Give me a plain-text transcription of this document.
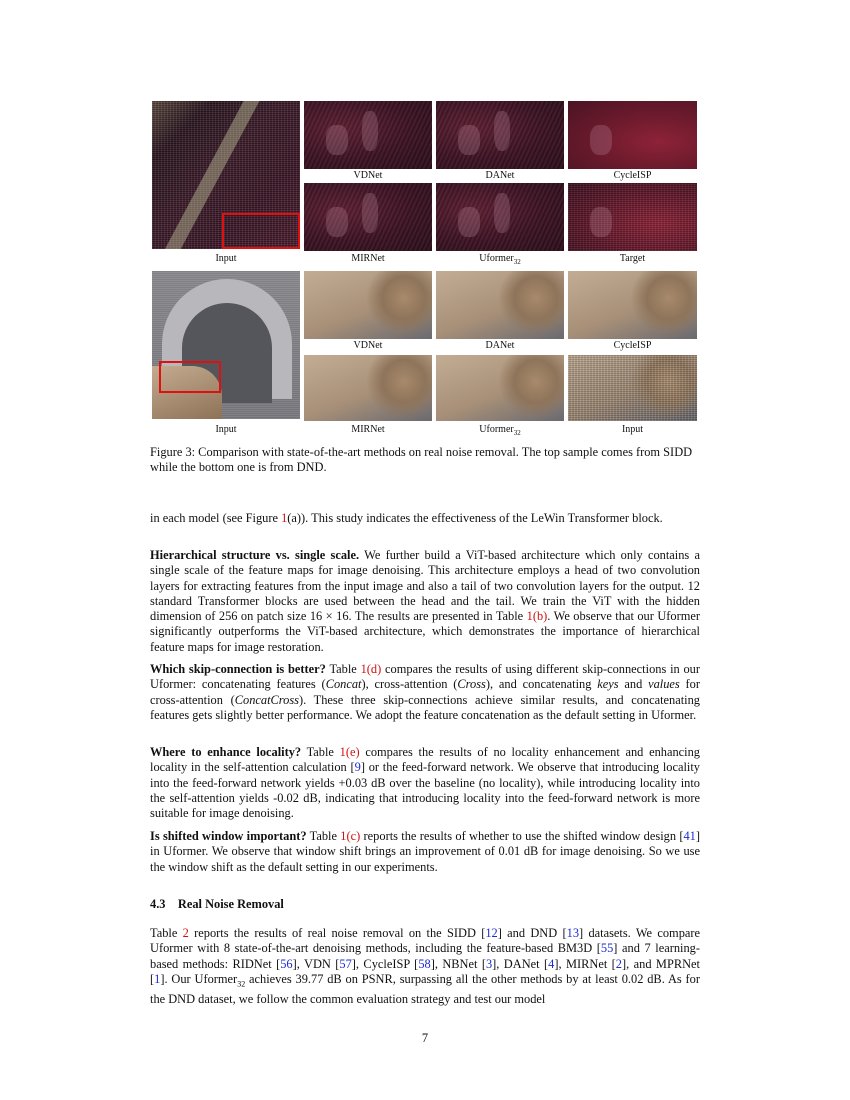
Input
VDNet	DANet	CycleISP
MIRNet	Uformer$_{32}$	Target
Input
VDNet	DANet	CycleISP
MIRNet	Uformer$_{32}$	Input
Figure 3: Comparison with state-of-the-art methods on real noise removal. The top sample comes from SIDD while the bottom one is from DND.

in each model (see Figure 1(a)). This study indicates the effectiveness of the LeWin Transformer block.

Hierarchical structure vs. single scale. We further build a ViT-based architecture which only contains a single scale of the feature maps for image denoising. This architecture employs a head of two convolution layers for extracting features from the input image and also a tail of two convolution layers for the output. 12 standard Transformer blocks are used between the head and the tail. We train the ViT with the hidden dimension of 256 on patch size 16 × 16. The results are presented in Table 1(b). We observe that our Uformer significantly outperforms the ViT-based architecture, which demonstrates the importance of hierarchical feature maps for image restoration.

Which skip-connection is better? Table 1(d) compares the results of using different skip-connections in our Uformer: concatenating features (Concat), cross-attention (Cross), and concatenating keys and values for cross-attention (ConcatCross). These three skip-connections achieve similar results, and concatenating features gets slightly better performance. We adopt the feature concatenation as the default setting in Uformer.

Where to enhance locality? Table 1(e) compares the results of no locality enhancement and enhancing locality in the self-attention calculation [9] or the feed-forward network. We observe that introducing locality into the feed-forward network yields +0.03 dB over the baseline (no locality), while introducing locality into the self-attention yields -0.02 dB, indicating that introducing locality into the feed-forward network is more suitable for image denoising.

Is shifted window important? Table 1(c) reports the results of whether to use the shifted window design [41] in Uformer. We observe that window shift brings an improvement of 0.01 dB for image denoising. So we use the window shift as the default setting in our experiments.

4.3 Real Noise Removal

Table 2 reports the results of real noise removal on the SIDD [12] and DND [13] datasets. We compare Uformer with 8 state-of-the-art denoising methods, including the feature-based BM3D [55] and 7 learning-based methods: RIDNet [56], VDN [57], CycleISP [58], NBNet [3], DANet [4], MIRNet [2], and MPRNet [1]. Our Uformer$_{32}$ achieves 39.77 dB on PSNR, surpassing all the other methods by at least 0.02 dB. As for the DND dataset, we follow the common evaluation strategy and test our model

7
